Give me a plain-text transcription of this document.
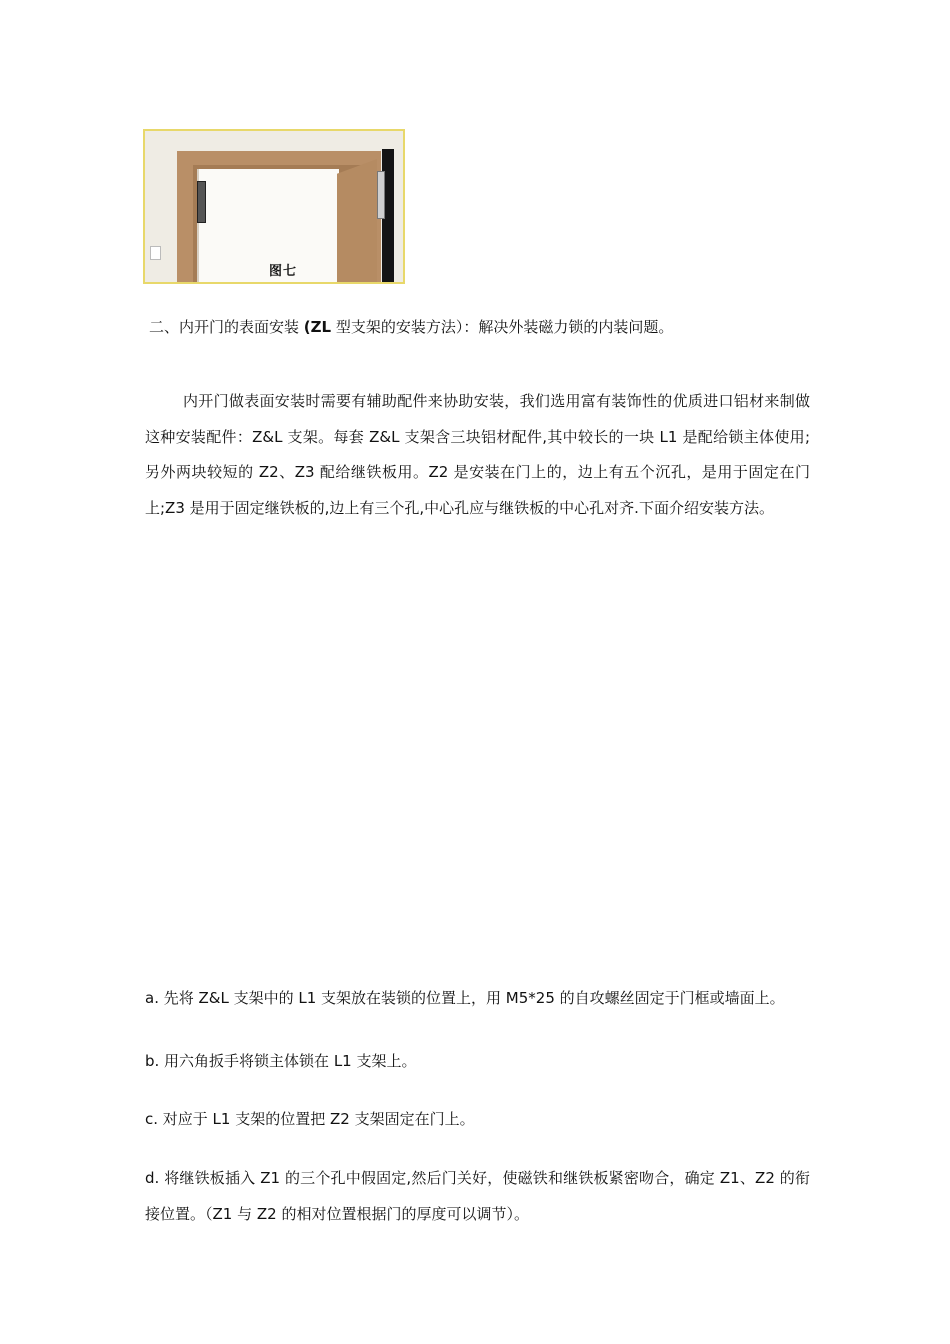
图七
二、内开门的表面安装 (ZL 型支架的安装方法）：解决外装磁力锁的内装问题。

内开门做表面安装时需要有辅助配件来协助安装，我们选用富有装饰性的优质进口铝材来制做这种安装配件：Z&L 支架。每套 Z&L 支架含三块铝材配件,其中较长的一块 L1 是配给锁主体使用;另外两块较短的 Z2、Z3 配给继铁板用。Z2 是安装在门上的，边上有五个沉孔，是用于固定在门上;Z3 是用于固定继铁板的,边上有三个孔,中心孔应与继铁板的中心孔对齐.下面介绍安装方法。

a. 先将 Z&L 支架中的 L1 支架放在装锁的位置上，用 M5*25 的自攻螺丝固定于门框或墙面上。

b. 用六角扳手将锁主体锁在 L1 支架上。

c. 对应于 L1 支架的位置把 Z2 支架固定在门上。

d. 将继铁板插入 Z1 的三个孔中假固定,然后门关好，使磁铁和继铁板紧密吻合，确定 Z1、Z2 的衔接位置。（Z1 与 Z2 的相对位置根据门的厚度可以调节）。
